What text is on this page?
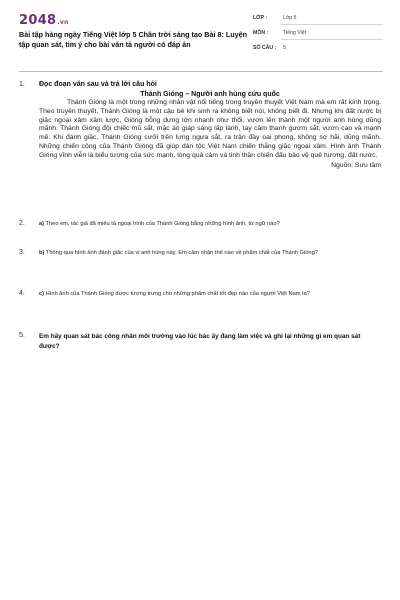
2048.vn
Bài tập hàng ngày Tiếng Việt lớp 5 Chân trời sáng tạo Bài 8: Luyện tập quan sát, tìm ý cho bài văn tả người có đáp án
LỚP :	Lớp 5
MÔN :	Tiếng Việt
SỐ CÂU : 5
1.	Đọc đoạn văn sau và trả lời câu hỏi
Thánh Gióng – Người anh hùng cứu quốc
Thánh Gióng là một trong những nhân vật nổi tiếng trong truyền thuyết Việt Nam mà em rất kính trọng. Theo truyền thuyết, Thánh Gióng là một cậu bé khi sinh ra không biết nói, không biết đi. Nhưng khi đất nước bị giặc ngoại xâm xâm lược, Gióng bỗng dưng lớn nhanh như thổi, vươn lên thành một người anh hùng dũng mãnh. Thánh Gióng đội chiếc mũ sắt, mặc áo giáp sáng lấp lánh, tay cầm thanh gươm sắt, vươn cao và mạnh mẽ. Khi đánh giặc, Thánh Gióng cưỡi trên lưng ngựa sắt, ra trận đầy oai phong, không sợ hãi, dũng mãnh. Những chiến công của Thánh Gióng đã giúp dân tộc Việt Nam chiến thắng giặc ngoại xâm. Hình ảnh Thánh Gióng vĩnh viễn là biểu tượng của sức mạnh, lòng quả cảm và tinh thần chiến đấu bảo vệ quê hương, đất nước.
Nguồn: Sưu tầm
2.	a) Theo em, tác giả đã miêu tả ngoại hình của Thánh Gióng bằng những hình ảnh, từ ngữ nào?
3.	b) Thông qua hình ảnh đánh giặc của vị anh hùng này, Em cảm nhận thế nào về phẩm chất của Thánh Gióng?
4.	c) Hình ảnh của Thánh Gióng được tượng trưng cho những phẩm chất tốt đẹp nào của người Việt Nam ta?
5.	Em hãy quan sát bác công nhân môi trường vào lúc bác ấy đang làm việc và ghi lại những gì em quan sát được?
